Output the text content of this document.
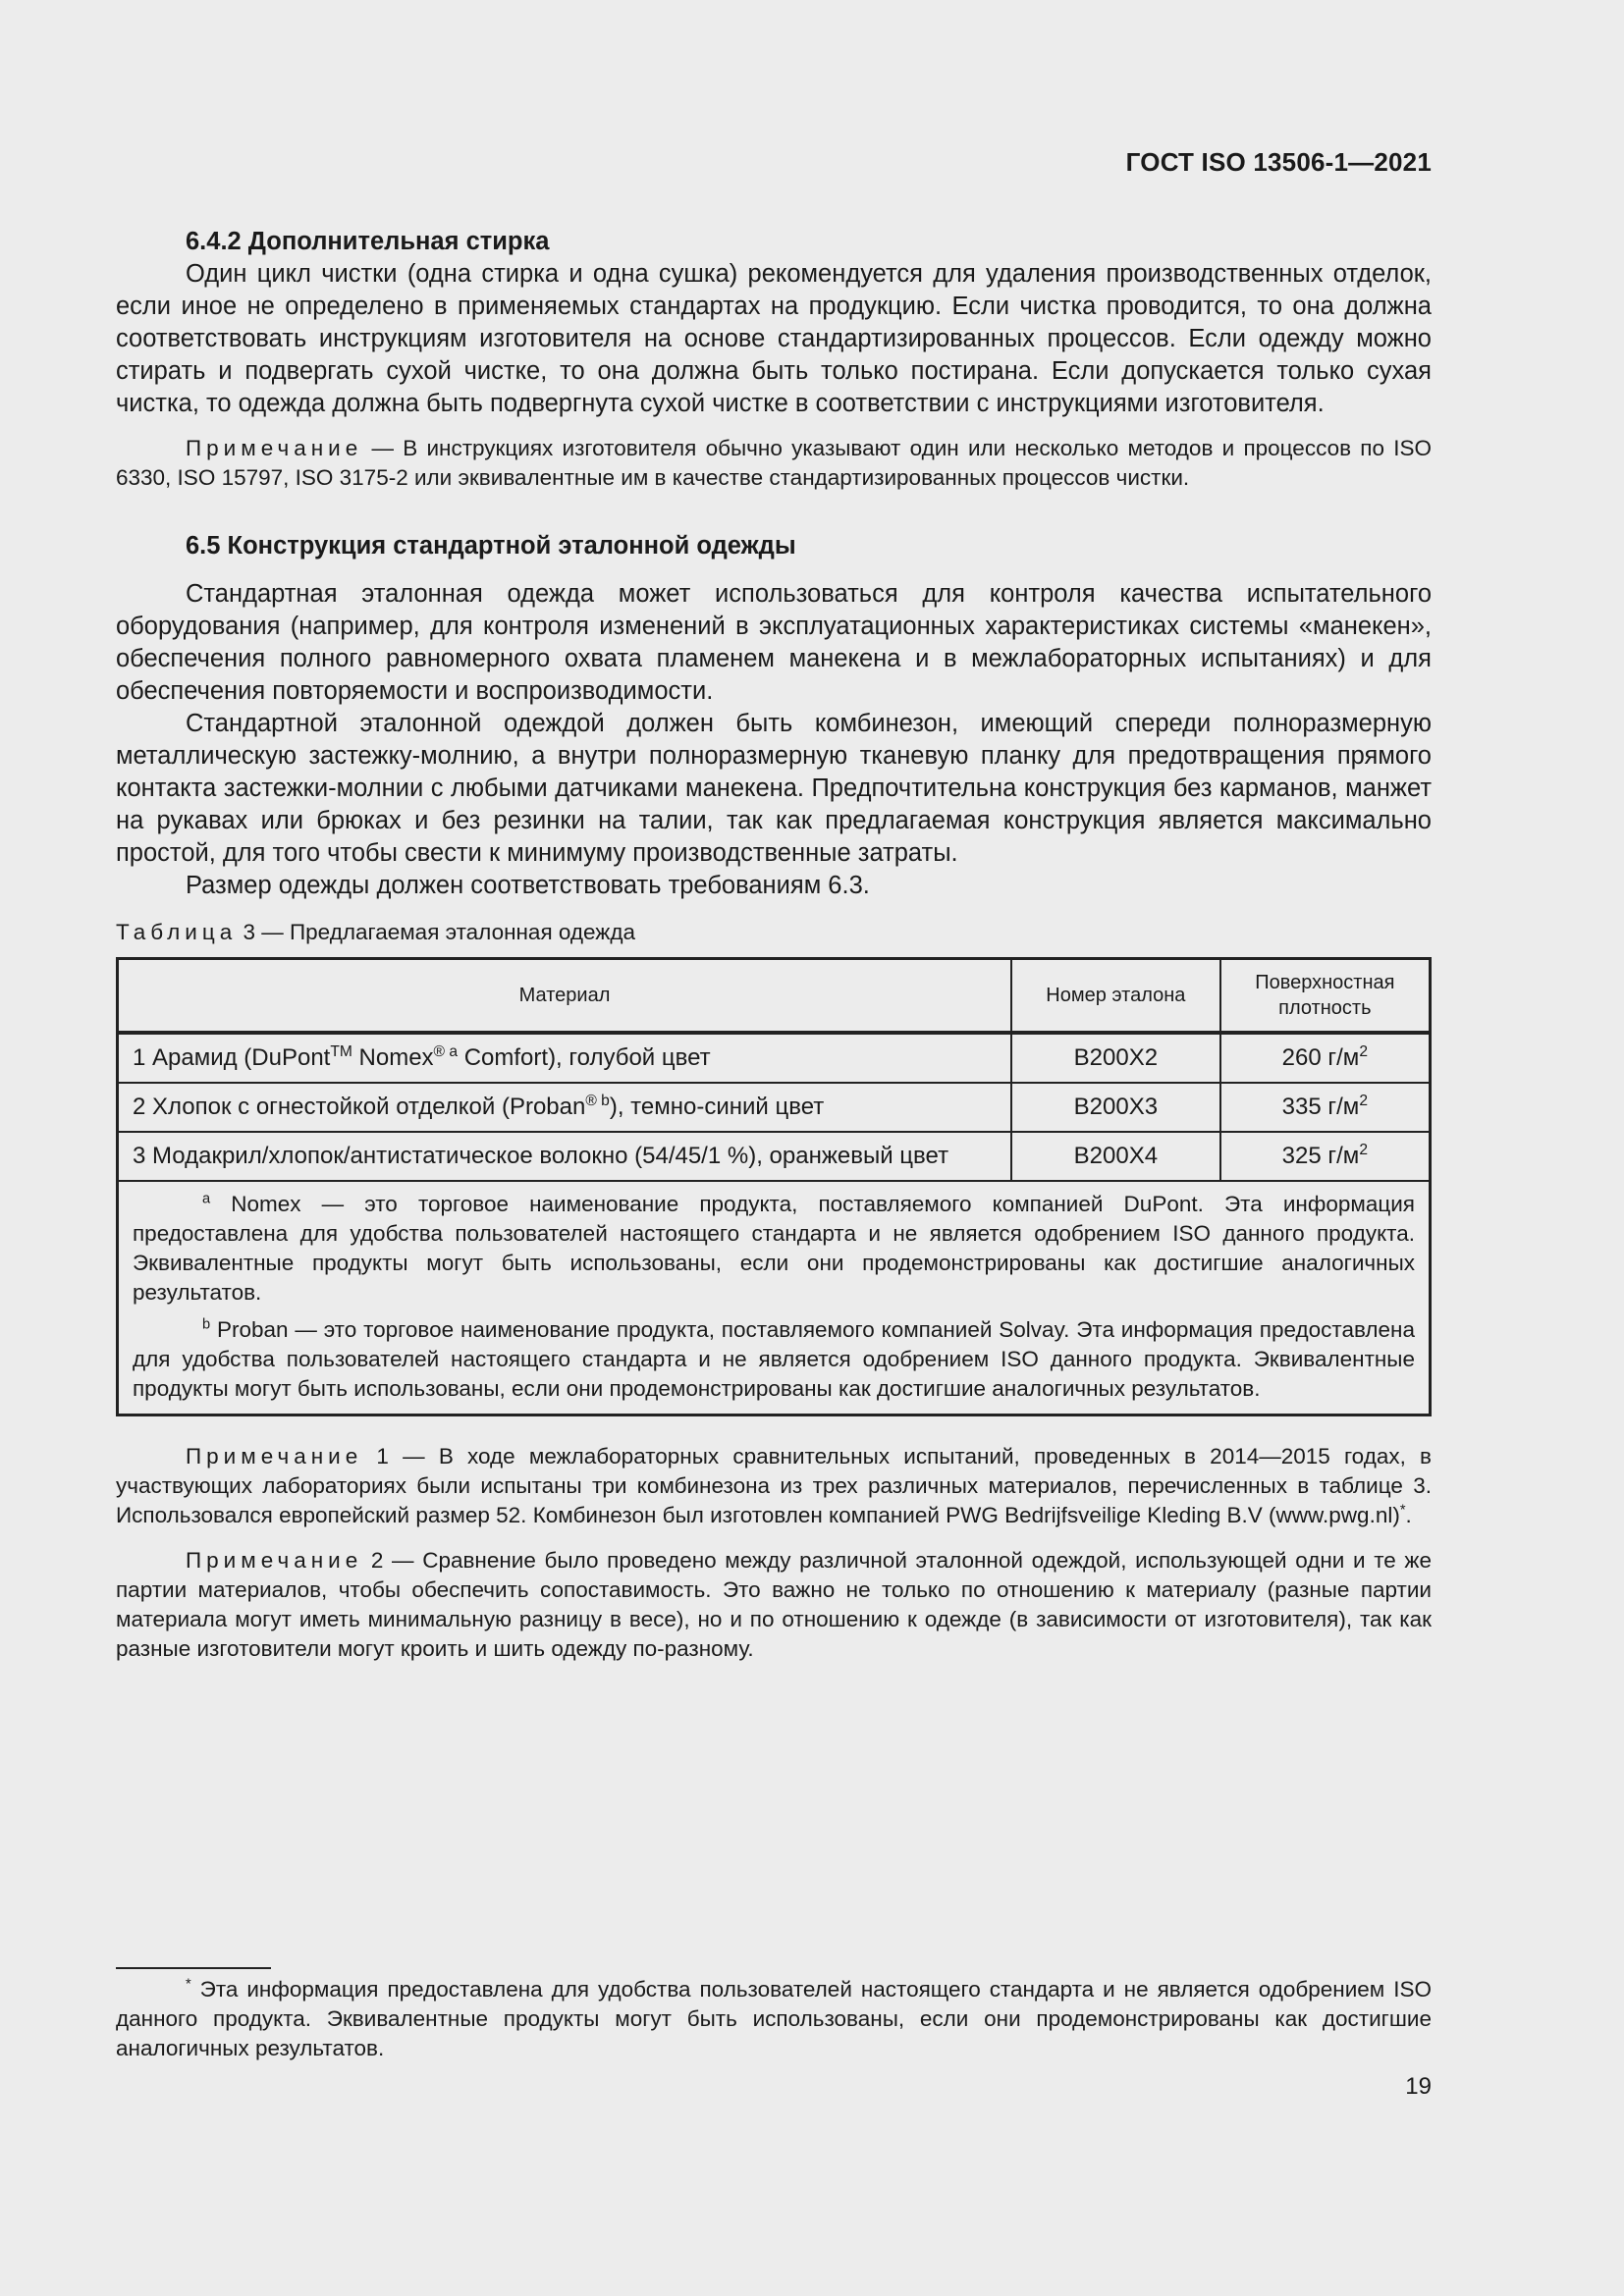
ГОСТ ISO 13506-1—2021

6.4.2 Дополнительная стирка

Один цикл чистки (одна стирка и одна сушка) рекомендуется для удаления производственных отделок, если иное не определено в применяемых стандартах на продукцию. Если чистка проводится, то она должна соответствовать инструкциям изготовителя на основе стандартизированных процессов. Если одежду можно стирать и подвергать сухой чистке, то она должна быть только постирана. Если допускается только сухая чистка, то одежда должна быть подвергнута сухой чистке в соответствии с инструкциями изготовителя.

Примечание — В инструкциях изготовителя обычно указывают один или несколько методов и процессов по ISO 6330, ISO 15797, ISO 3175-2 или эквивалентные им в качестве стандартизированных процессов чистки.

6.5 Конструкция стандартной эталонной одежды

Стандартная эталонная одежда может использоваться для контроля качества испытательного оборудования (например, для контроля изменений в эксплуатационных характеристиках системы «манекен», обеспечения полного равномерного охвата пламенем манекена и в межлабораторных испытаниях) и для обеспечения повторяемости и воспроизводимости.

Стандартной эталонной одеждой должен быть комбинезон, имеющий спереди полноразмерную металлическую застежку-молнию, а внутри полноразмерную тканевую планку для предотвращения прямого контакта застежки-молнии с любыми датчиками манекена. Предпочтительна конструкция без карманов, манжет на рукавах или брюках и без резинки на талии, так как предлагаемая конструкция является максимально простой, для того чтобы свести к минимуму производственные затраты.

Размер одежды должен соответствовать требованиям 6.3.

Таблица 3 — Предлагаемая эталонная одежда

Материал	Номер эталона	Поверхностная плотность
1 Арамид (DuPont™ Nomex$^{® a}$ Comfort), голубой цвет	B200X2	260 $г/м^2$
2 Хлопок с огнестойкой отделкой (Proban$^{® b}$), темно-синий цвет	B200X3	335 $г/м^2$
3 Модакрил/хлопок/антистатическое волокно (54/45/1 %), оранжевый цвет	B200X4	325 $г/м^2$

$^a$ Nomex — это торговое наименование продукта, поставляемого компанией DuPont. Эта информация предоставлена для удобства пользователей настоящего стандарта и не является одобрением ISO данного продукта. Эквивалентные продукты могут быть использованы, если они продемонстрированы как достигшие аналогичных результатов.

$^b$ Proban — это торговое наименование продукта, поставляемого компанией Solvay. Эта информация предоставлена для удобства пользователей настоящего стандарта и не является одобрением ISO данного продукта. Эквивалентные продукты могут быть использованы, если они продемонстрированы как достигшие аналогичных результатов.		

Примечание 1 — В ходе межлабораторных сравнительных испытаний, проведенных в 2014—2015 годах, в участвующих лабораториях были испытаны три комбинезона из трех различных материалов, перечисленных в таблице 3. Использовался европейский размер 52. Комбинезон был изготовлен компанией PWG Bedrijfsveilige Kleding B.V (www.pwg.nl)*.

Примечание 2 — Сравнение было проведено между различной эталонной одеждой, использующей одни и те же партии материалов, чтобы обеспечить сопоставимость. Это важно не только по отношению к материалу (разные партии материала могут иметь минимальную разницу в весе), но и по отношению к одежде (в зависимости от изготовителя), так как разные изготовители могут кроить и шить одежду по-разному.

* Эта информация предоставлена для удобства пользователей настоящего стандарта и не является одобрением ISO данного продукта. Эквивалентные продукты могут быть использованы, если они продемонстрированы как достигшие аналогичных результатов.

19
